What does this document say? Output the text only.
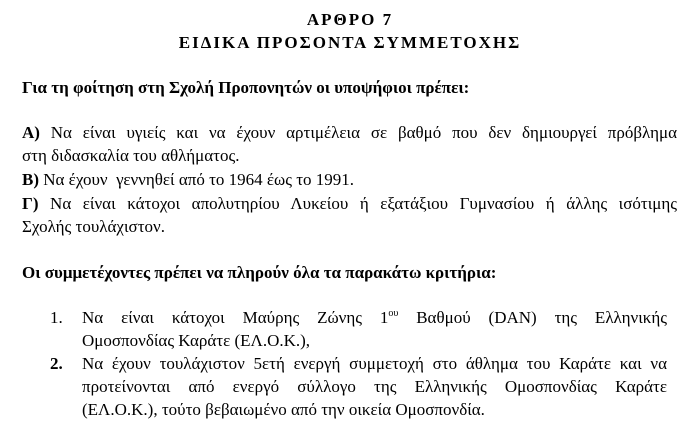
ΑΡΘΡΟ 7
ΕΙΔΙΚΑ ΠΡΟΣΟΝΤΑ ΣΥΜΜΕΤΟΧΗΣ
Για τη φοίτηση στη Σχολή Προπονητών οι υποψήφιοι πρέπει:
Α) Να είναι υγιείς και να έχουν αρτιμέλεια σε βαθμό που δεν δημιουργεί πρόβλημα
στη διδασκαλία του αθλήματος.
Β) Να έχουν  γεννηθεί από το 1964 έως το 1991.
Γ) Να είναι κάτοχοι απολυτηρίου Λυκείου ή εξατάξιου Γυμνασίου ή άλλης ισότιμης
Σχολής τουλάχιστον.
Οι συμμετέχοντες πρέπει να πληρούν όλα τα παρακάτω κριτήρια:
1. Να είναι κάτοχοι Μαύρης Ζώνης $1^{o\upsilon}$ Βαθμού (DAN) της Ελληνικής
Ομοσπονδίας Καράτε (ΕΛ.Ο.Κ.),
2. Να έχουν τουλάχιστον 5ετή ενεργή συμμετοχή στο άθλημα του Καράτε και να
προτείνονται από ενεργό σύλλογο της Ελληνικής Ομοσπονδίας Καράτε
(ΕΛ.Ο.Κ.), τούτο βεβαιωμένο από την οικεία Ομοσπονδία.
